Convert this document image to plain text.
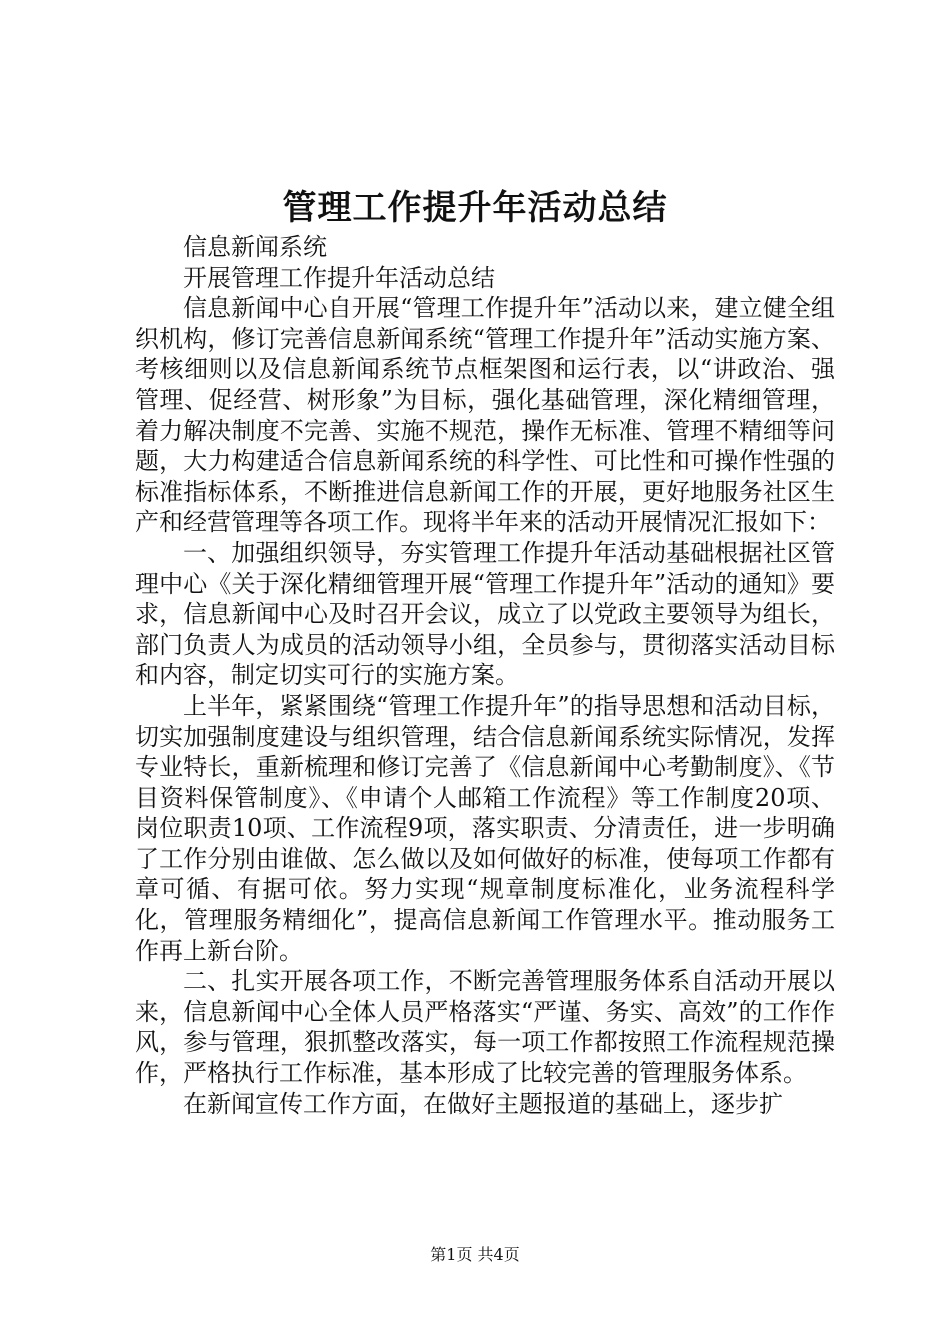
管理工作提升年活动总结

信息新闻系统

开展管理工作提升年活动总结

信息新闻中心自开展“管理工作提升年”活动以来，建立健全组织机构，修订完善信息新闻系统“管理工作提升年”活动实施方案、考核细则以及信息新闻系统节点框架图和运行表，以“讲政治、强管理、促经营、树形象”为目标，强化基础管理，深化精细管理，着力解决制度不完善、实施不规范，操作无标准、管理不精细等问题，大力构建适合信息新闻系统的科学性、可比性和可操作性强的标准指标体系，不断推进信息新闻工作的开展，更好地服务社区生产和经营管理等各项工作。现将半年来的活动开展情况汇报如下：

一、加强组织领导，夯实管理工作提升年活动基础根据社区管理中心《关于深化精细管理开展“管理工作提升年”活动的通知》要求，信息新闻中心及时召开会议，成立了以党政主要领导为组长，部门负责人为成员的活动领导小组，全员参与，贯彻落实活动目标和内容，制定切实可行的实施方案。

上半年，紧紧围绕“管理工作提升年”的指导思想和活动目标，切实加强制度建设与组织管理，结合信息新闻系统实际情况，发挥专业特长，重新梳理和修订完善了《信息新闻中心考勤制度》、《节目资料保管制度》、《申请个人邮箱工作流程》等工作制度20项、岗位职责10项、工作流程9项，落实职责、分清责任，进一步明确了工作分别由谁做、怎么做以及如何做好的标准，使每项工作都有章可循、有据可依。努力实现“规章制度标准化，业务流程科学化，管理服务精细化”，提高信息新闻工作管理水平。推动服务工作再上新台阶。

二、扎实开展各项工作，不断完善管理服务体系自活动开展以来，信息新闻中心全体人员严格落实“严谨、务实、高效”的工作作风，参与管理，狠抓整改落实，每一项工作都按照工作流程规范操作，严格执行工作标准，基本形成了比较完善的管理服务体系。

在新闻宣传工作方面，在做好主题报道的基础上，逐步扩

第1页 共4页
